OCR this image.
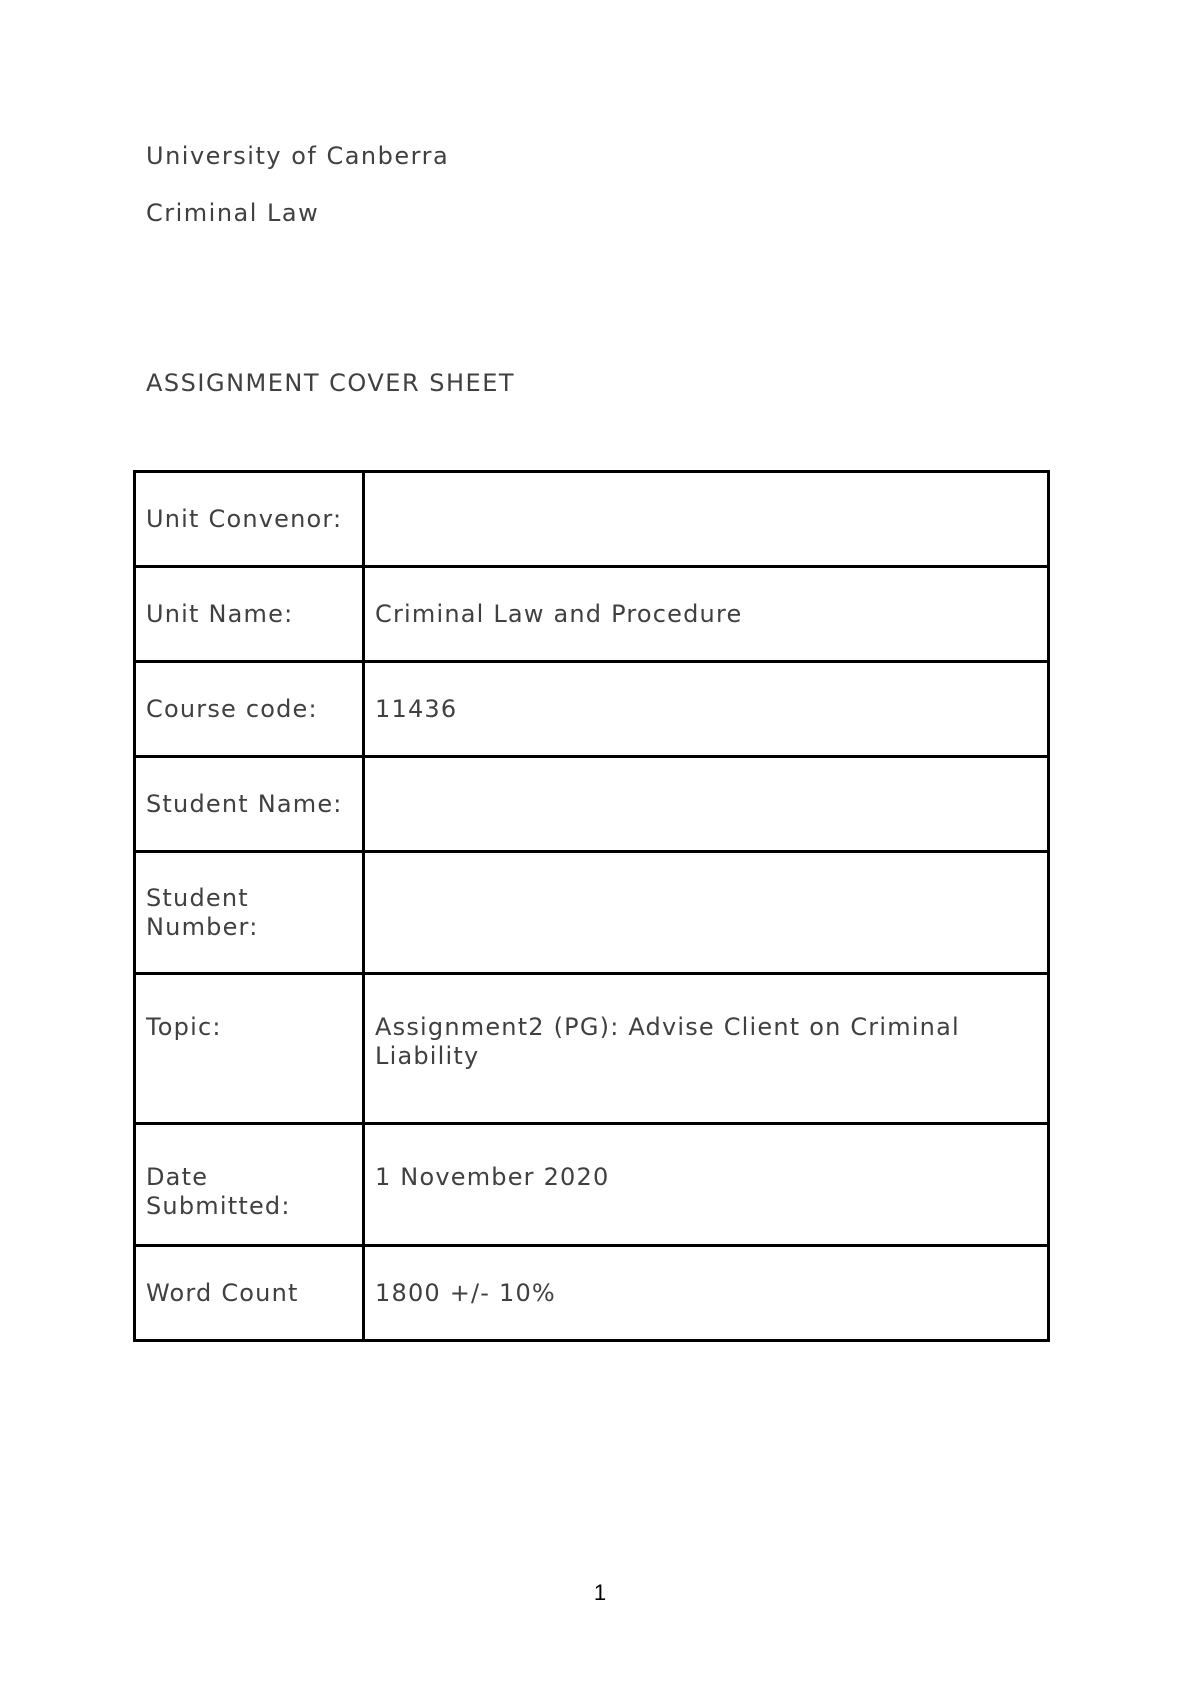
University of Canberra
Criminal Law
ASSIGNMENT COVER SHEET
Unit Convenor:	
Unit Name:	Criminal Law and Procedure
Course code:	11436
Student Name:	
Student Number:	
Topic:	Assignment2 (PG): Advise Client on Criminal Liability
Date Submitted:	1 November 2020
Word Count	1800 +/- 10%
1
